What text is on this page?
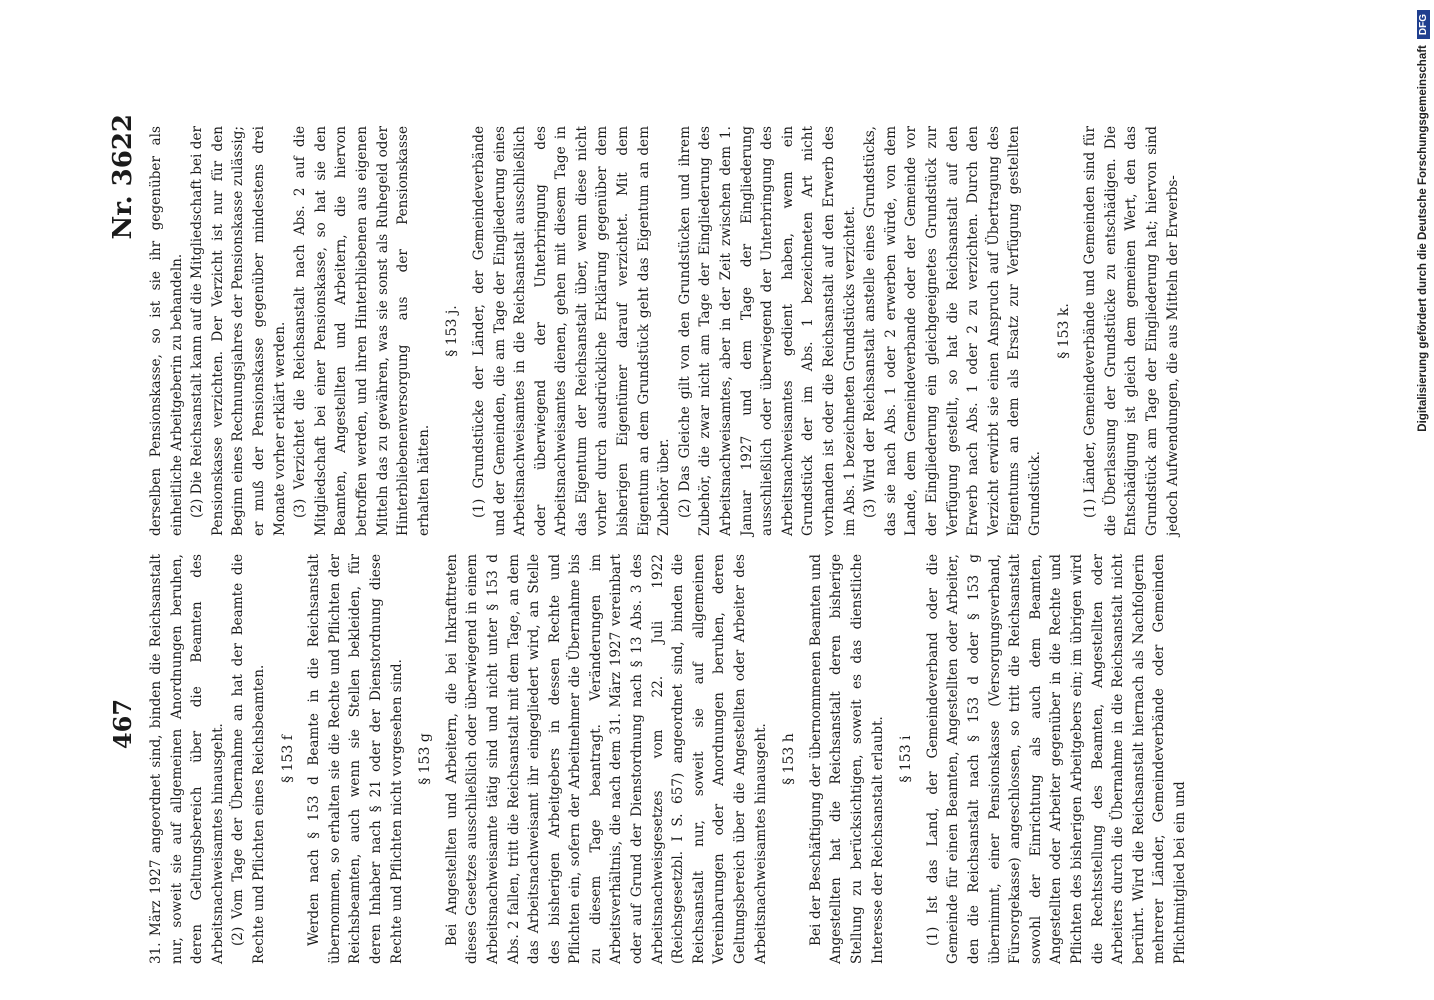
467
Nr. 3622

31. März 1927 angeordnet sind, binden die Reichsanstalt nur, soweit sie auf allgemeinen Anordnungen beruhen, deren Geltungsbereich über die Beamten des Arbeitsnachweisamtes hinausgeht. (2) Vom Tage der Übernahme an hat der Beamte die Rechte und Pflichten eines Reichsbeamten. § 153 f Werden nach § 153 d Beamte in die Reichsanstalt übernommen, so erhalten sie die Rechte und Pflichten der Reichsbeamten, auch wenn sie Stellen bekleiden, für deren Inhaber nach § 21 oder der Dienstordnung diese Rechte und Pflichten nicht vorgesehen sind. § 153 g Bei Angestellten und Arbeitern, die bei Inkrafttreten dieses Gesetzes ausschließlich oder überwiegend in einem Arbeitsnachweisamte tätig sind und nicht unter § 153 d Abs. 2 fallen, tritt die Reichsanstalt mit dem Tage, an dem das Arbeitsnachweisamt ihr eingegliedert wird, an Stelle des bisherigen Arbeitgebers in dessen Rechte und Pflichten ein, sofern der Arbeitnehmer die Übernahme bis zu diesem Tage beantragt. Veränderungen im Arbeitsverhältnis, die nach dem 31. März 1927 vereinbart oder auf Grund der Dienstordnung nach § 13 Abs. 3 des Arbeitsnachweisgesetzes vom 22. Juli 1922 (Reichsgesetzbl. I S. 657) angeordnet sind, binden die Reichsanstalt nur, soweit sie auf allgemeinen Vereinbarungen oder Anordnungen beruhen, deren Geltungsbereich über die Angestellten oder Arbeiter des Arbeitsnachweisamtes hinausgeht. § 153 h Bei der Beschäftigung der übernommenen Beamten und Angestellten hat die Reichsanstalt deren bisherige Stellung zu berücksichtigen, soweit es das dienstliche Interesse der Reichsanstalt erlaubt. § 153 i (1) Ist das Land, der Gemeindeverband oder die Gemeinde für einen Beamten, Angestellten oder Arbeiter, den die Reichsanstalt nach § 153 d oder § 153 g übernimmt, einer Pensionskasse (Versorgungsverband, Fürsorgekasse) angeschlossen, so tritt die Reichsanstalt sowohl der Einrichtung als auch dem Beamten, Angestellten oder Arbeiter gegenüber in die Rechte und Pflichten des bisherigen Arbeitgebers ein; im übrigen wird die Rechtsstellung des Beamten, Angestellten oder Arbeiters durch die Übernahme in die Reichsanstalt nicht berührt. Wird die Reichsanstalt hiernach als Nachfolgerin mehrerer Länder, Gemeindeverbände oder Gemeinden Pflichtmitglied bei ein und

derselben Pensionskasse, so ist sie ihr gegenüber als einheitliche Arbeitgeberin zu behandeln. (2) Die Reichsanstalt kann auf die Mitgliedschaft bei der Pensionskasse verzichten. Der Verzicht ist nur für den Beginn eines Rechnungsjahres der Pensionskasse zulässig; er muß der Pensionskasse gegenüber mindestens drei Monate vorher erklärt werden. (3) Verzichtet die Reichsanstalt nach Abs. 2 auf die Mitgliedschaft bei einer Pensionskasse, so hat sie den Beamten, Angestellten und Arbeitern, die hiervon betroffen werden, und ihren Hinterbliebenen aus eigenen Mitteln das zu gewähren, was sie sonst als Ruhegeld oder Hinterbliebenenversorgung aus der Pensionskasse erhalten hätten.

§ 153 j. (1) Grundstücke der Länder, der Gemeindeverbände und der Gemeinden, die am Tage der Eingliederung eines Arbeitsnachweisamtes in die Reichsanstalt ausschließlich oder überwiegend der Unterbringung des Arbeitsnachweisamtes dienen, gehen mit diesem Tage in das Eigentum der Reichsanstalt über, wenn diese nicht vorher durch ausdrückliche Erklärung gegenüber dem bisherigen Eigentümer darauf verzichtet. Mit dem Eigentum an dem Grundstück geht das Eigentum an dem Zubehör über. (2) Das Gleiche gilt von den Grundstücken und ihrem Zubehör, die zwar nicht am Tage der Eingliederung des Arbeitsnachweisamtes, aber in der Zeit zwischen dem 1. Januar 1927 und dem Tage der Eingliederung ausschließlich oder überwiegend der Unterbringung des Arbeitsnachweisamtes gedient haben, wenn ein Grundstück der im Abs. 1 bezeichneten Art nicht vorhanden ist oder die Reichsanstalt auf den Erwerb des im Abs. 1 bezeichneten Grundstücks verzichtet. (3) Wird der Reichsanstalt anstelle eines Grundstücks, das sie nach Abs. 1 oder 2 erwerben würde, von dem Lande, dem Gemeindeverbande oder der Gemeinde vor der Eingliederung ein gleichgeeignetes Grundstück zur Verfügung gestellt, so hat die Reichsanstalt auf den Erwerb nach Abs. 1 oder 2 zu verzichten. Durch den Verzicht erwirbt sie einen Anspruch auf Übertragung des Eigentums an dem als Ersatz zur Verfügung gestellten Grundstück.

§ 153 k. (1) Länder, Gemeindeverbände und Gemeinden sind für die Überlassung der Grundstücke zu entschädigen. Die Entschädigung ist gleich dem gemeinen Wert, den das Grundstück am Tage der Eingliederung hat; hiervon sind jedoch Aufwendungen, die aus Mitteln der Erwerbs-	Digitalisierung gefördert durch die Deutsche Forschungsgemeinschaft
DFG
